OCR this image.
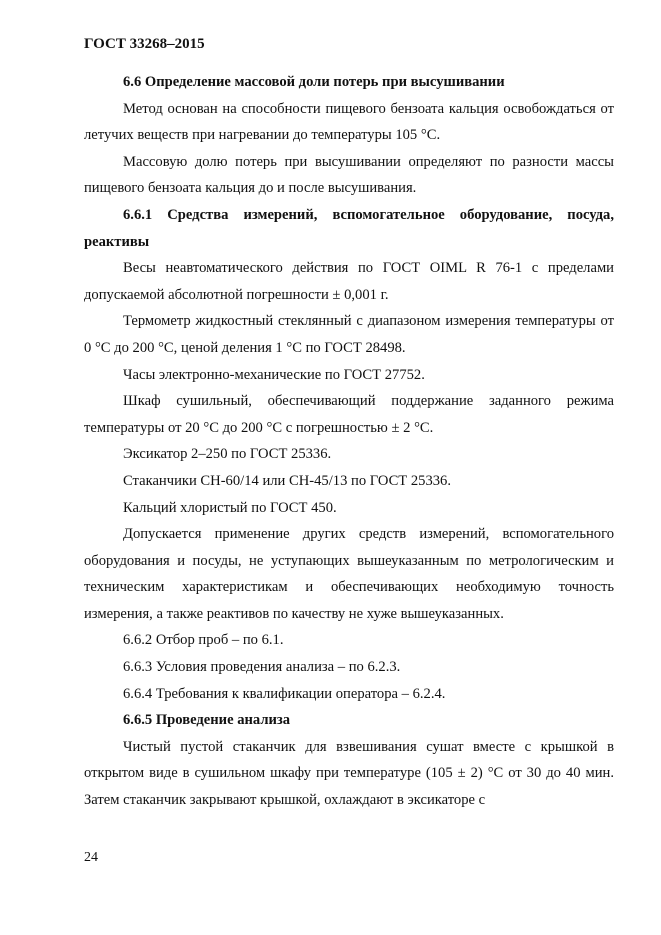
ГОСТ 33268–2015

6.6 Определение массовой доли потерь при высушивании

Метод основан на способности пищевого бензоата кальция освобождаться от летучих веществ при нагревании до температуры 105 °С.

Массовую долю потерь при высушивании определяют по разности массы пищевого бензоата кальция до и после высушивания.

6.6.1 Средства измерений, вспомогательное оборудование, посуда, реактивы

Весы неавтоматического действия по ГОСТ OIML R 76-1 с пределами допускаемой абсолютной погрешности ± 0,001 г.

Термометр жидкостный стеклянный с диапазоном измерения температуры от 0 °С до 200 °С, ценой деления 1 °С по ГОСТ 28498.

Часы электронно-механические по ГОСТ 27752.

Шкаф сушильный, обеспечивающий поддержание заданного режима температуры от 20 °С до 200 °С с погрешностью ± 2 °С.

Эксикатор 2–250 по ГОСТ 25336.

Стаканчики СН-60/14 или СН-45/13 по ГОСТ 25336.

Кальций хлористый по ГОСТ 450.

Допускается применение других средств измерений, вспомогательного оборудования и посуды, не уступающих вышеуказанным по метрологическим и техническим характеристикам и обеспечивающих необходимую точность измерения, а также реактивов по качеству не хуже вышеуказанных.

6.6.2 Отбор проб – по 6.1.

6.6.3 Условия проведения анализа – по 6.2.3.

6.6.4 Требования к квалификации оператора – 6.2.4.

6.6.5 Проведение анализа

Чистый пустой стаканчик для взвешивания сушат вместе с крышкой в открытом виде в сушильном шкафу при температуре (105 ± 2) °С от 30 до 40 мин. Затем стаканчик закрывают крышкой, охлаждают в эксикаторе с

24
